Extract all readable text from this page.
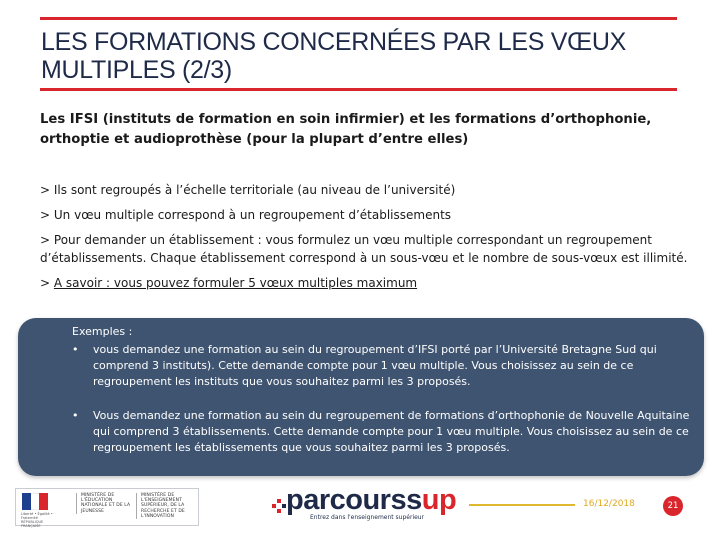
LES FORMATIONS CONCERNÉES PAR LES VŒUX
MULTIPLES (2/3)

Les IFSI (instituts de formation en soin infirmier) et les formations d’orthophonie, orthoptie et audioprothèse (pour la plupart d’entre elles)

> Ils sont regroupés à l’échelle territoriale (au niveau de l’université)

> Un vœu multiple correspond à un regroupement d’établissements

> Pour demander un établissement : vous formulez un vœu multiple correspondant un regroupement d’établissements. Chaque établissement correspond à un sous-vœu et le nombre de sous-vœux est illimité.

> A savoir : vous pouvez formuler 5 vœux multiples maximum

Exemples :
• vous demandez une formation au sein du regroupement d’IFSI porté par l’Université Bretagne Sud qui comprend 3 instituts). Cette demande compte pour 1 vœu multiple. Vous choisissez au sein de ce regroupement les instituts que vous souhaitez parmi les 3 proposés.
• Vous demandez une formation au sein du regroupement de formations d’orthophonie de Nouvelle Aquitaine qui comprend 3 établissements. Cette demande compte pour 1 vœu multiple. Vous choisissez au sein de ce regroupement les établissements que vous souhaitez parmi les 3 proposés.
Liberté • Égalité • Fraternité RÉPUBLIQUE FRANÇAISE
MINISTÈRE DE L'ÉDUCATION NATIONALE ET DE LA JEUNESSE
MINISTÈRE DE L'ENSEIGNEMENT SUPÉRIEUR, DE LA RECHERCHE ET DE L'INNOVATION
parcourssup
Entrez dans l'enseignement supérieur
16/12/2018	21
